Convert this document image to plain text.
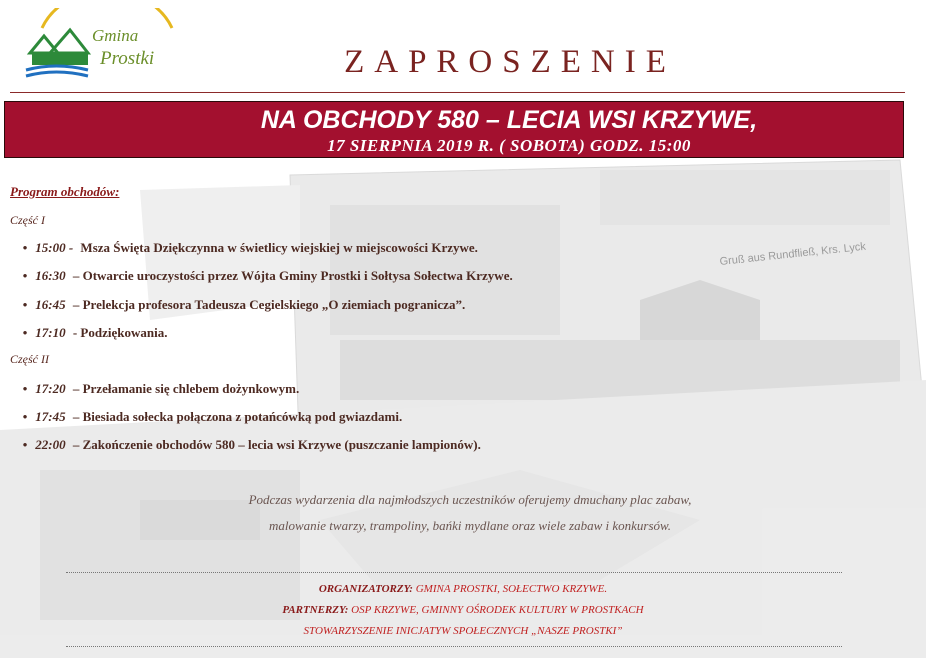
Gruß aus Rundfließ, Krs. Lyck
Gmina
Prostki	ZAPROSZENIE
NA OBCHODY 580 – LECIA WSI KRZYWE,
17 SIERPNIA 2019 R. ( SOBOTA) GODZ. 15:00
Program obchodów:
Część I
• 15:00 - Msza Święta Dziękczynna w świetlicy wiejskiej w miejscowości Krzywe.
• 16:30 – Otwarcie uroczystości przez Wójta Gminy Prostki i Sołtysa Sołectwa Krzywe.
• 16:45 – Prelekcja profesora Tadeusza Cegielskiego „O ziemiach pogranicza”.
• 17:10 - Podziękowania.
Część II
• 17:20 – Przełamanie się chlebem dożynkowym.
• 17:45 – Biesiada sołecka połączona z potańcówką pod gwiazdami.
• 22:00 – Zakończenie obchodów 580 – lecia wsi Krzywe (puszczanie lampionów).
Podczas wydarzenia dla najmłodszych uczestników oferujemy dmuchany plac zabaw,
malowanie twarzy, trampoliny, bańki mydlane oraz wiele zabaw i konkursów.
ORGANIZATORZY: GMINA PROSTKI, SOŁECTWO KRZYWE.
PARTNERZY: OSP KRZYWE, GMINNY OŚRODEK KULTURY W PROSTKACH
STOWARZYSZENIE INICJATYW SPOŁECZNYCH „NASZE PROSTKI”
